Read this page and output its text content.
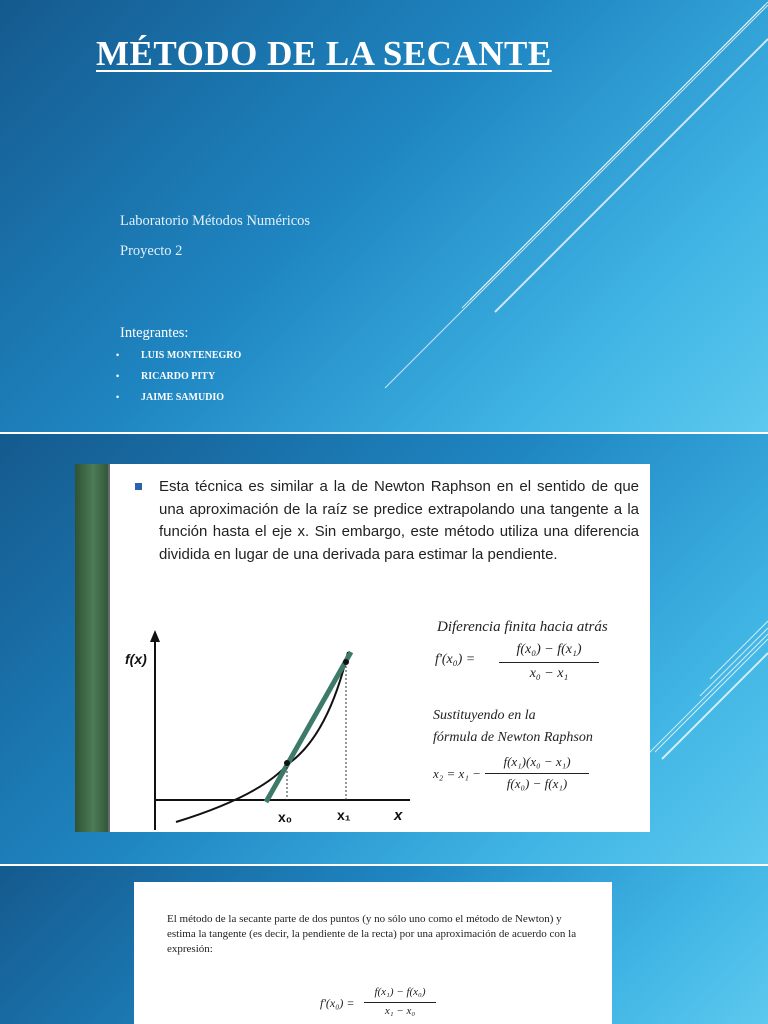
MÉTODO DE LA SECANTE
Laboratorio Métodos Numéricos
Proyecto 2
Integrantes:
• LUIS MONTENEGRO
• RICARDO PITY
• JAIME SAMUDIO

Esta técnica es similar a la de Newton Raphson en el sentido de que una aproximación de la raíz se predice extrapolando una tangente a la función hasta el eje x. Sin embargo, este método utiliza una diferencia dividida en lugar de una derivada para estimar la pendiente.

f(x)
x
x₀	x₁
Diferencia finita hacia atrás
f'(x₀) =
f(x₀) − f(x₁)
x₀ − x₁
Sustituyendo en la
fórmula de Newton Raphson
x₂ = x₁ −
f(x₁)(x₀ − x₁)
f(x₀) − f(x₁)

El método de la secante parte de dos puntos (y no sólo uno como el método de Newton) y estima la tangente (es decir, la pendiente de la recta) por una aproximación de acuerdo con la expresión:

f'(x₀) =
f(x₁) − f(x₀)
x₁ − x₀
